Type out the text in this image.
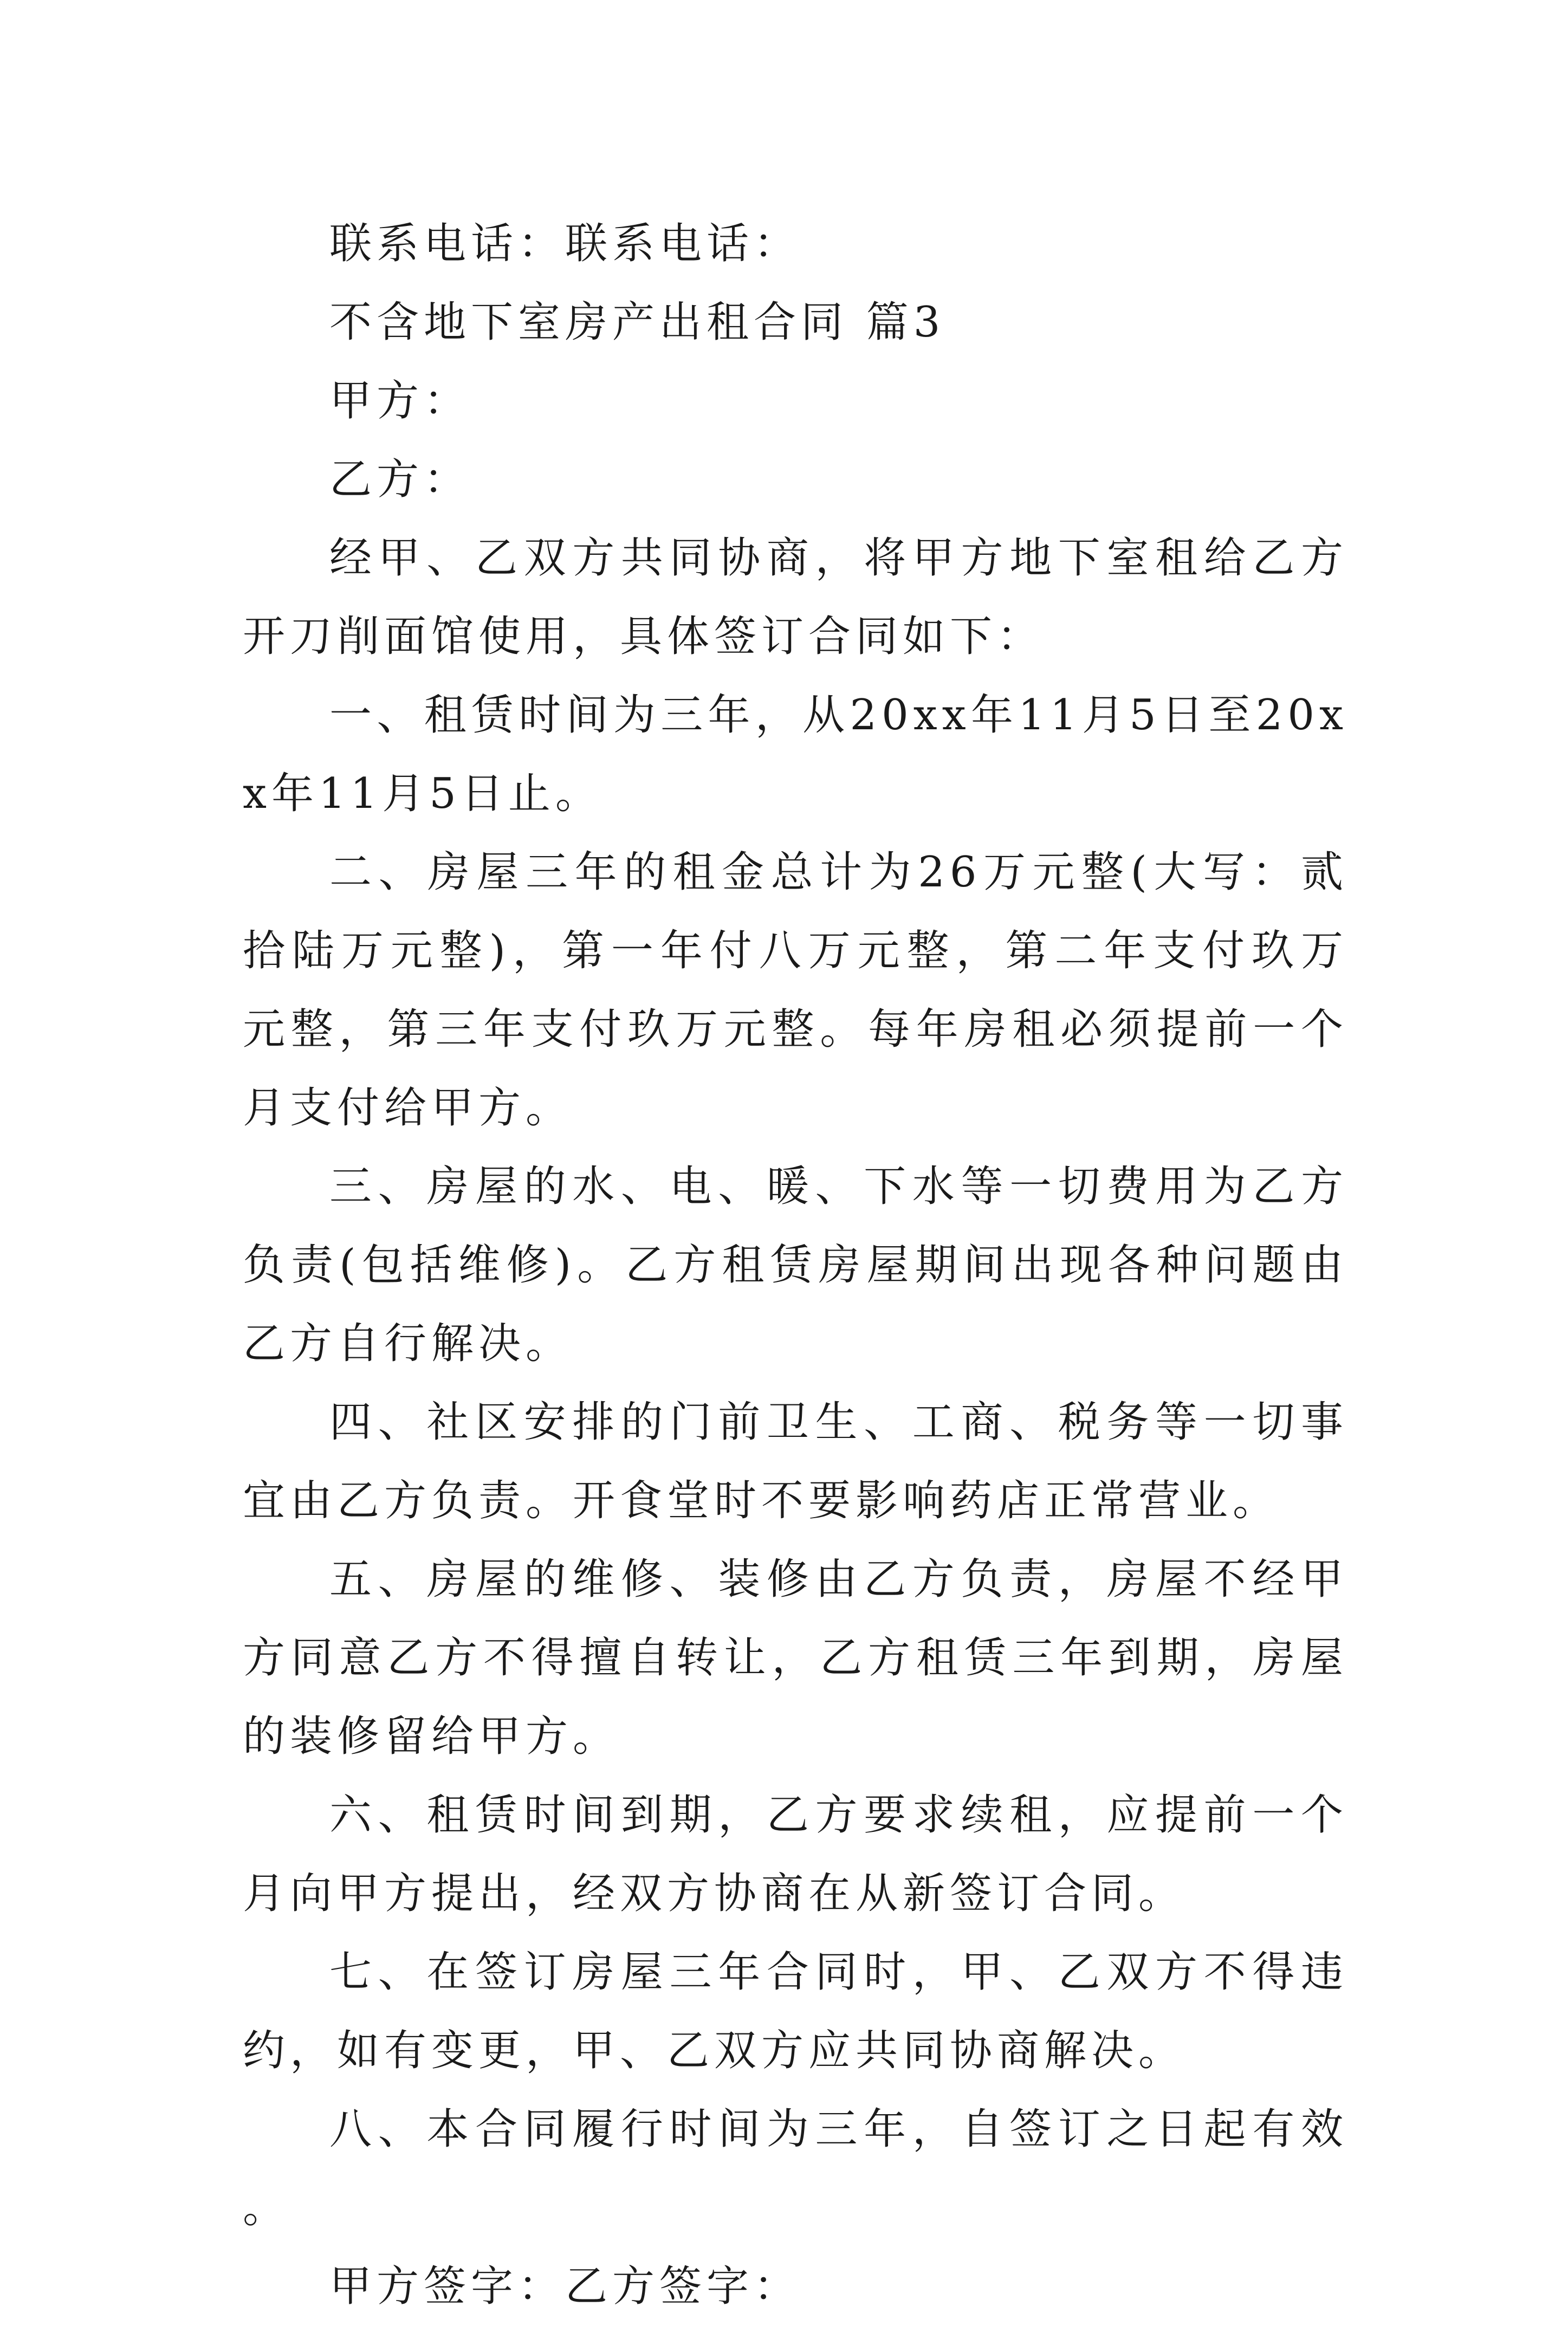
联系电话：联系电话：

不含地下室房产出租合同 篇3

甲方：

乙方：

经甲、乙双方共同协商，将甲方地下室租给乙方开刀削面馆使用，具体签订合同如下：

一、租赁时间为三年，从20xx年11月5日至20xx年11月5日止。

二、房屋三年的租金总计为26万元整(大写：贰拾陆万元整)，第一年付八万元整，第二年支付玖万元整，第三年支付玖万元整。每年房租必须提前一个月支付给甲方。

三、房屋的水、电、暖、下水等一切费用为乙方负责(包括维修)。乙方租赁房屋期间出现各种问题由乙方自行解决。

四、社区安排的门前卫生、工商、税务等一切事宜由乙方负责。开食堂时不要影响药店正常营业。

五、房屋的维修、装修由乙方负责，房屋不经甲方同意乙方不得擅自转让，乙方租赁三年到期，房屋的装修留给甲方。

六、租赁时间到期，乙方要求续租，应提前一个月向甲方提出，经双方协商在从新签订合同。

七、在签订房屋三年合同时，甲、乙双方不得违约，如有变更，甲、乙双方应共同协商解决。

八、本合同履行时间为三年，自签订之日起有效。

甲方签字：乙方签字：
